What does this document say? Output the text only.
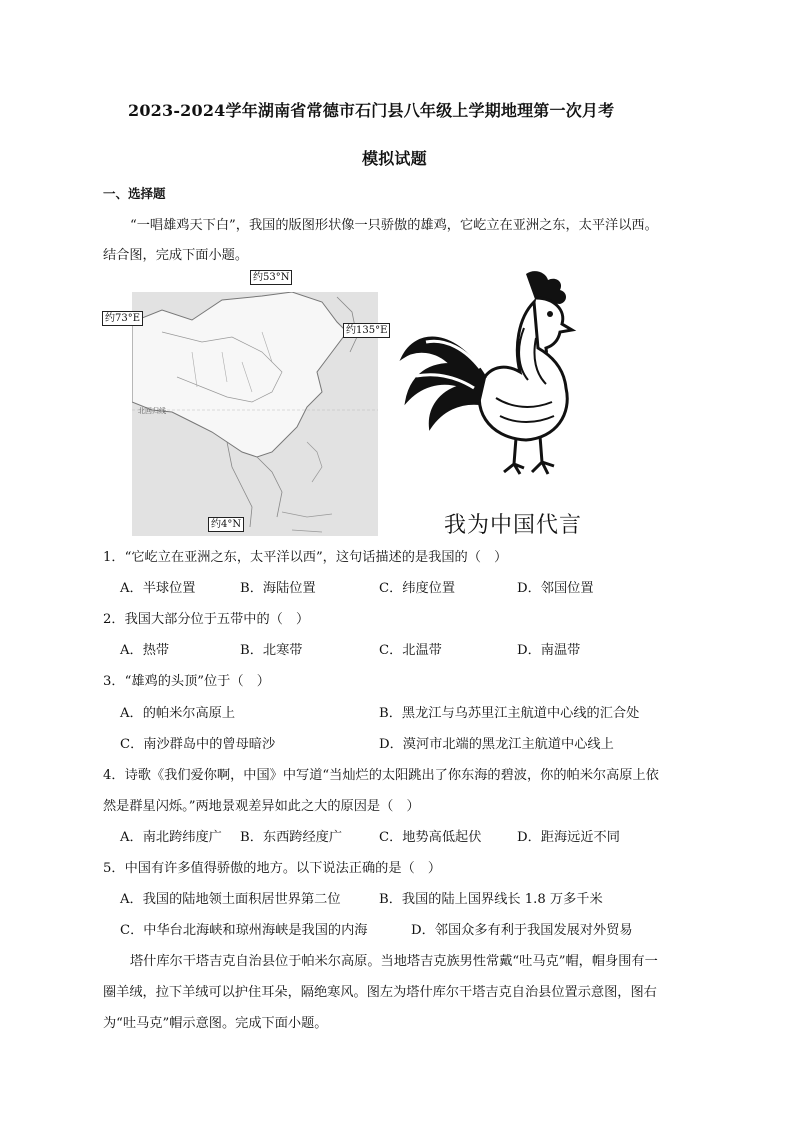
2023-2024学年湖南省常德市石门县八年级上学期地理第一次月考
模拟试题
一、选择题
“一唱雄鸡天下白”，我国的版图形状像一只骄傲的雄鸡，它屹立在亚洲之东，太平洋以西。
结合图，完成下面小题。
北回归线
约53°N
约73°E
约135°E
约4°N	我为中国代言
1．“它屹立在亚洲之东，太平洋以西”，这句话描述的是我国的（　）
A．半球位置	B．海陆位置	C．纬度位置	D．邻国位置
2．我国大部分位于五带中的（　）
A．热带	B．北寒带	C．北温带	D．南温带
3．“雄鸡的头顶”位于（　）
A．的帕米尔高原上	B．黑龙江与乌苏里江主航道中心线的汇合处
C．南沙群岛中的曾母暗沙	D．漠河市北端的黑龙江主航道中心线上
4．诗歌《我们爱你啊，中国》中写道“当灿烂的太阳跳出了你东海的碧波，你的帕米尔高原上依
然是群星闪烁。”两地景观差异如此之大的原因是（　）
A．南北跨纬度广 B．东西跨经度广	C．地势高低起伏	D．距海远近不同
5．中国有许多值得骄傲的地方。以下说法正确的是（　）
A．我国的陆地领土面积居世界第二位	B．我国的陆上国界线长 1.8 万多千米
C．中华台北海峡和琼州海峡是我国的内海	D．邻国众多有利于我国发展对外贸易
塔什库尔干塔吉克自治县位于帕米尔高原。当地塔吉克族男性常戴“吐马克”帽，帽身围有一
圈羊绒，拉下羊绒可以护住耳朵，隔绝寒风。图左为塔什库尔干塔吉克自治县位置示意图，图右
为“吐马克”帽示意图。完成下面小题。
